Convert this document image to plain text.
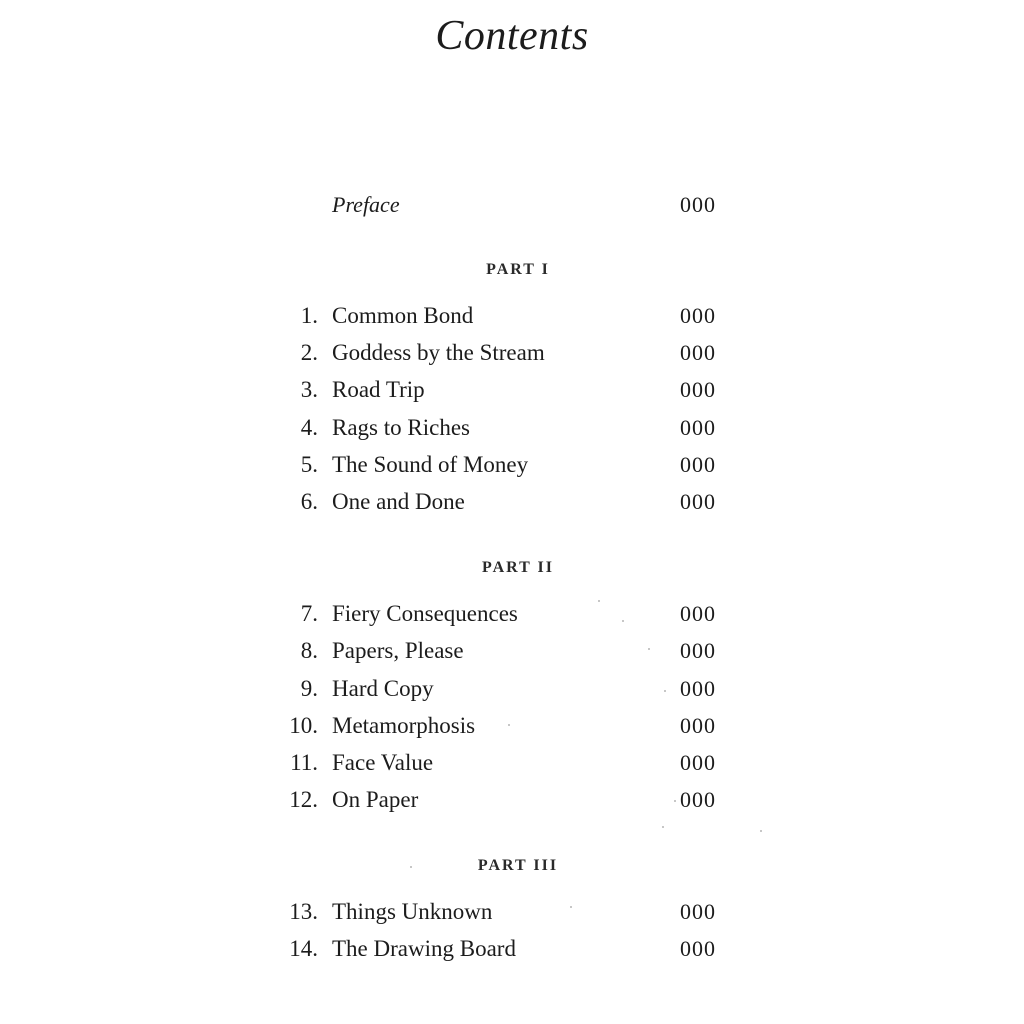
Contents
Preface	000
PART I
1. Common Bond	000
2. Goddess by the Stream	000
3. Road Trip	000
4. Rags to Riches	000
5. The Sound of Money	000
6. One and Done	000
PART II
7. Fiery Consequences	000
8. Papers, Please	000
9. Hard Copy	000
10. Metamorphosis	000
11. Face Value	000
12. On Paper	000
PART III
13. Things Unknown	000
14. The Drawing Board	000
